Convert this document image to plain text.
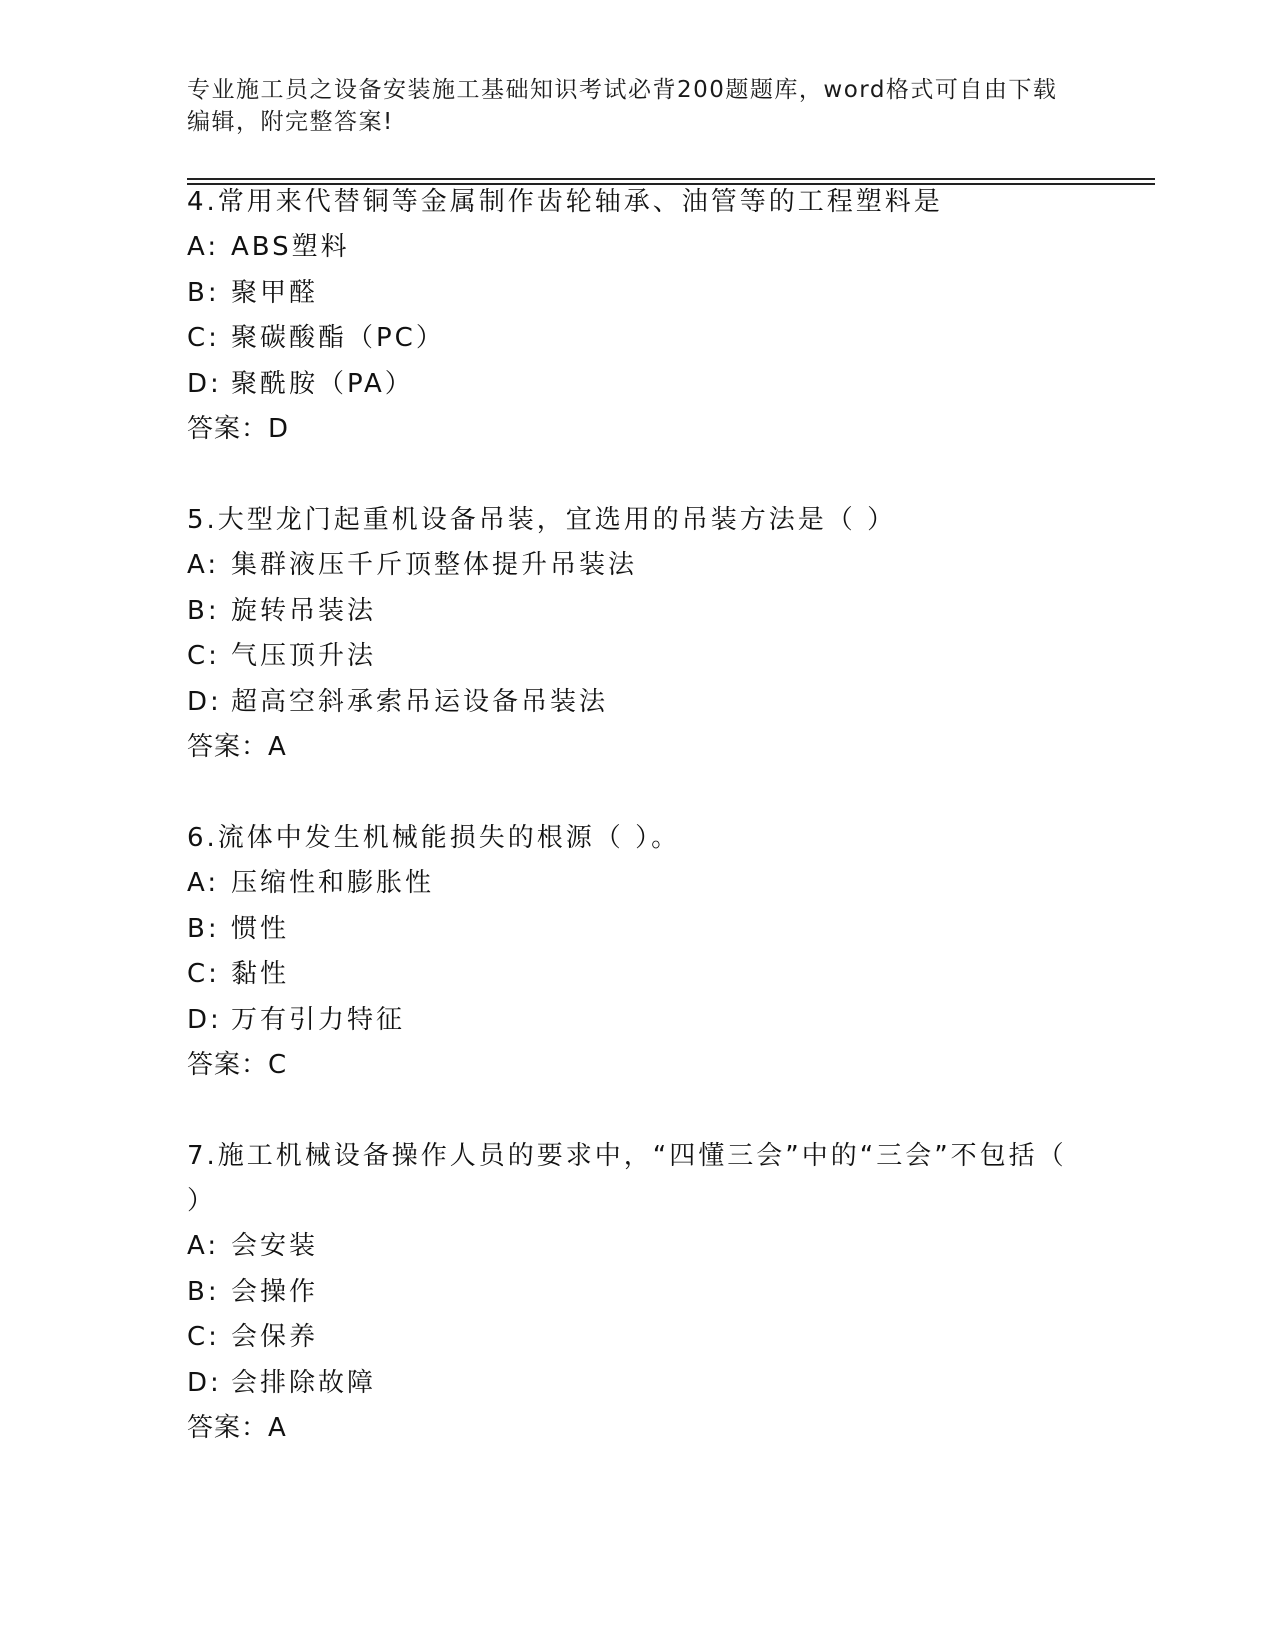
专业施工员之设备安装施工基础知识考试必背200题题库，word格式可自由下载编辑，附完整答案!

4.常用来代替铜等金属制作齿轮轴承、油管等的工程塑料是

A: ABS塑料

B: 聚甲醛

C: 聚碳酸酯（PC）

D: 聚酰胺（PA）

答案：D

5.大型龙门起重机设备吊装，宜选用的吊装方法是（ ）

A: 集群液压千斤顶整体提升吊装法

B: 旋转吊装法

C: 气压顶升法

D: 超高空斜承索吊运设备吊装法

答案：A

6.流体中发生机械能损失的根源（ ）。

A: 压缩性和膨胀性

B: 惯性

C: 黏性

D: 万有引力特征

答案：C

7.施工机械设备操作人员的要求中，“四懂三会”中的“三会”不包括（ ）

A: 会安装

B: 会操作

C: 会保养

D: 会排除故障

答案：A
